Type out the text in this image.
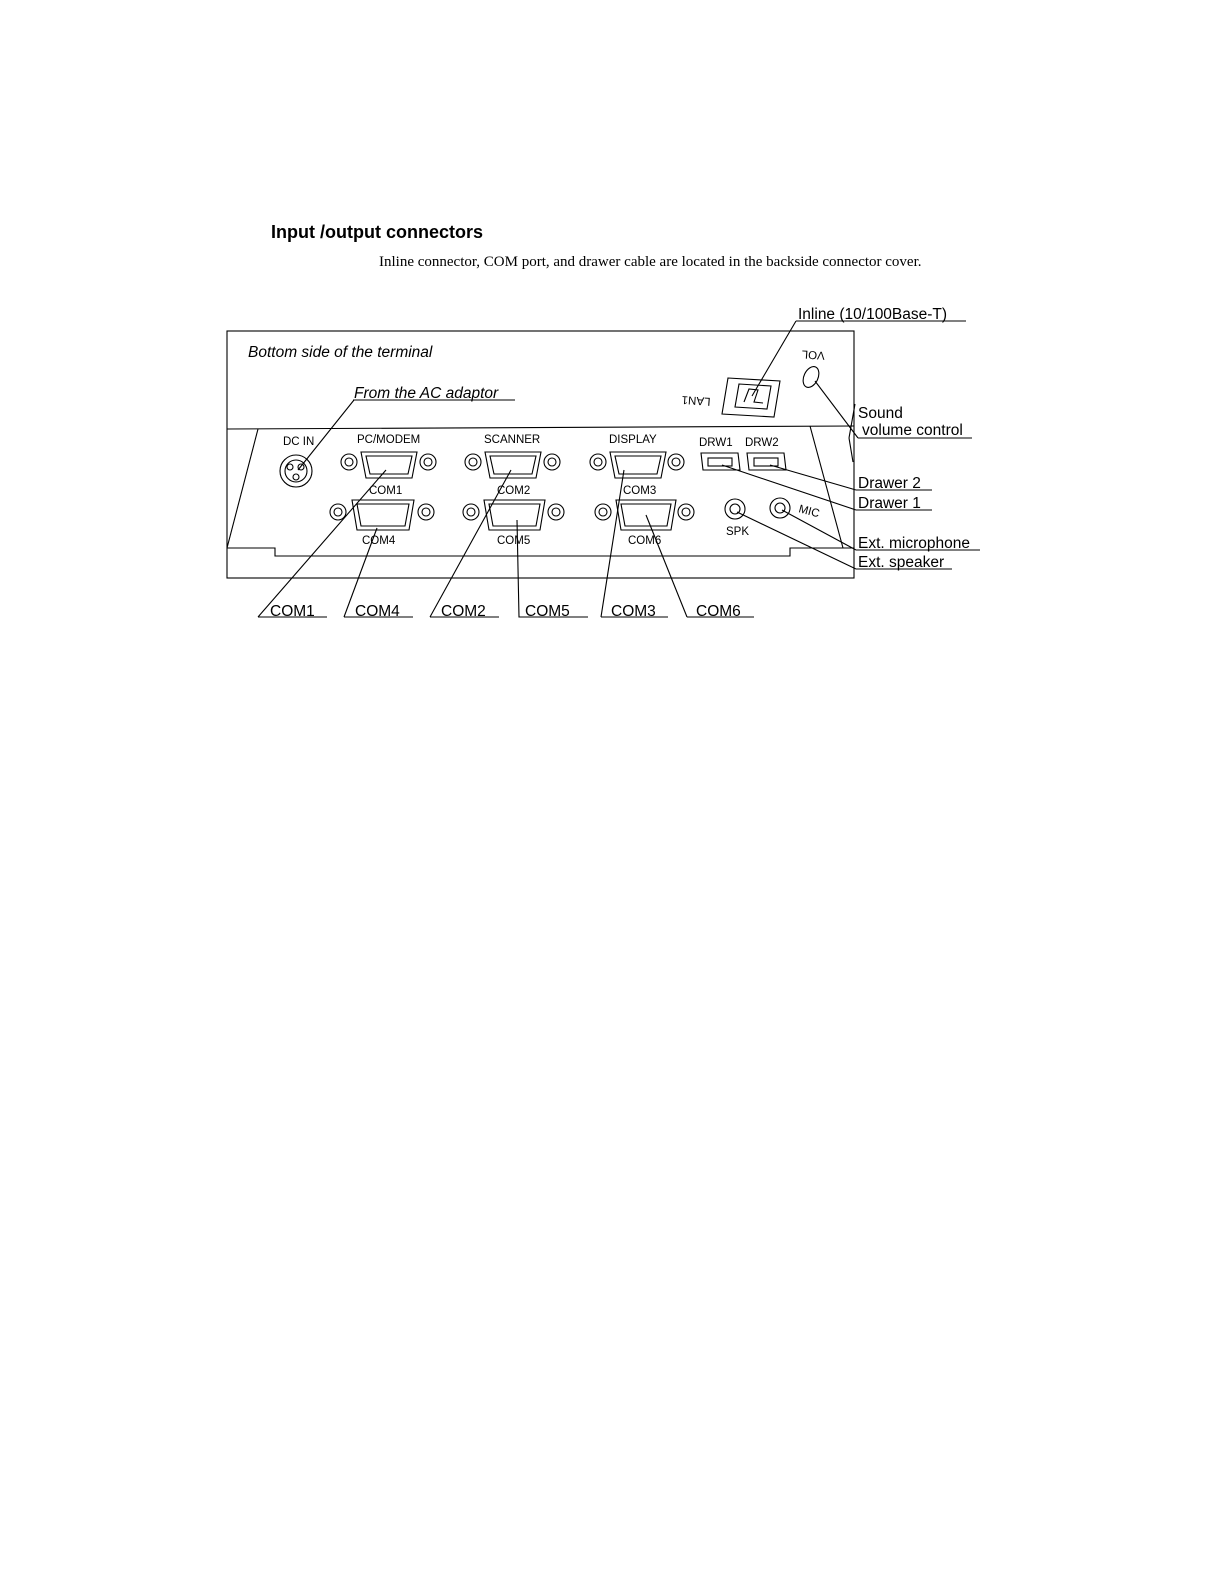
Input /output connectors
Inline connector, COM port, and drawer cable are located in the backside connector cover.
Bottom side of the terminal
From the AC adaptor	LAN1
VOL
DC IN	PC/MODEM
COM1
SCANNER
COM2
DISPLAY
COM3
DRW1 DRW2
COM4	COM5	COM6
SPK
MIC
Inline (10/100Base-T)
Sound
volume control
Drawer 2
Drawer 1
Ext. microphone
Ext. speaker
COM1	COM4	COM2	COM5	COM3	COM6
